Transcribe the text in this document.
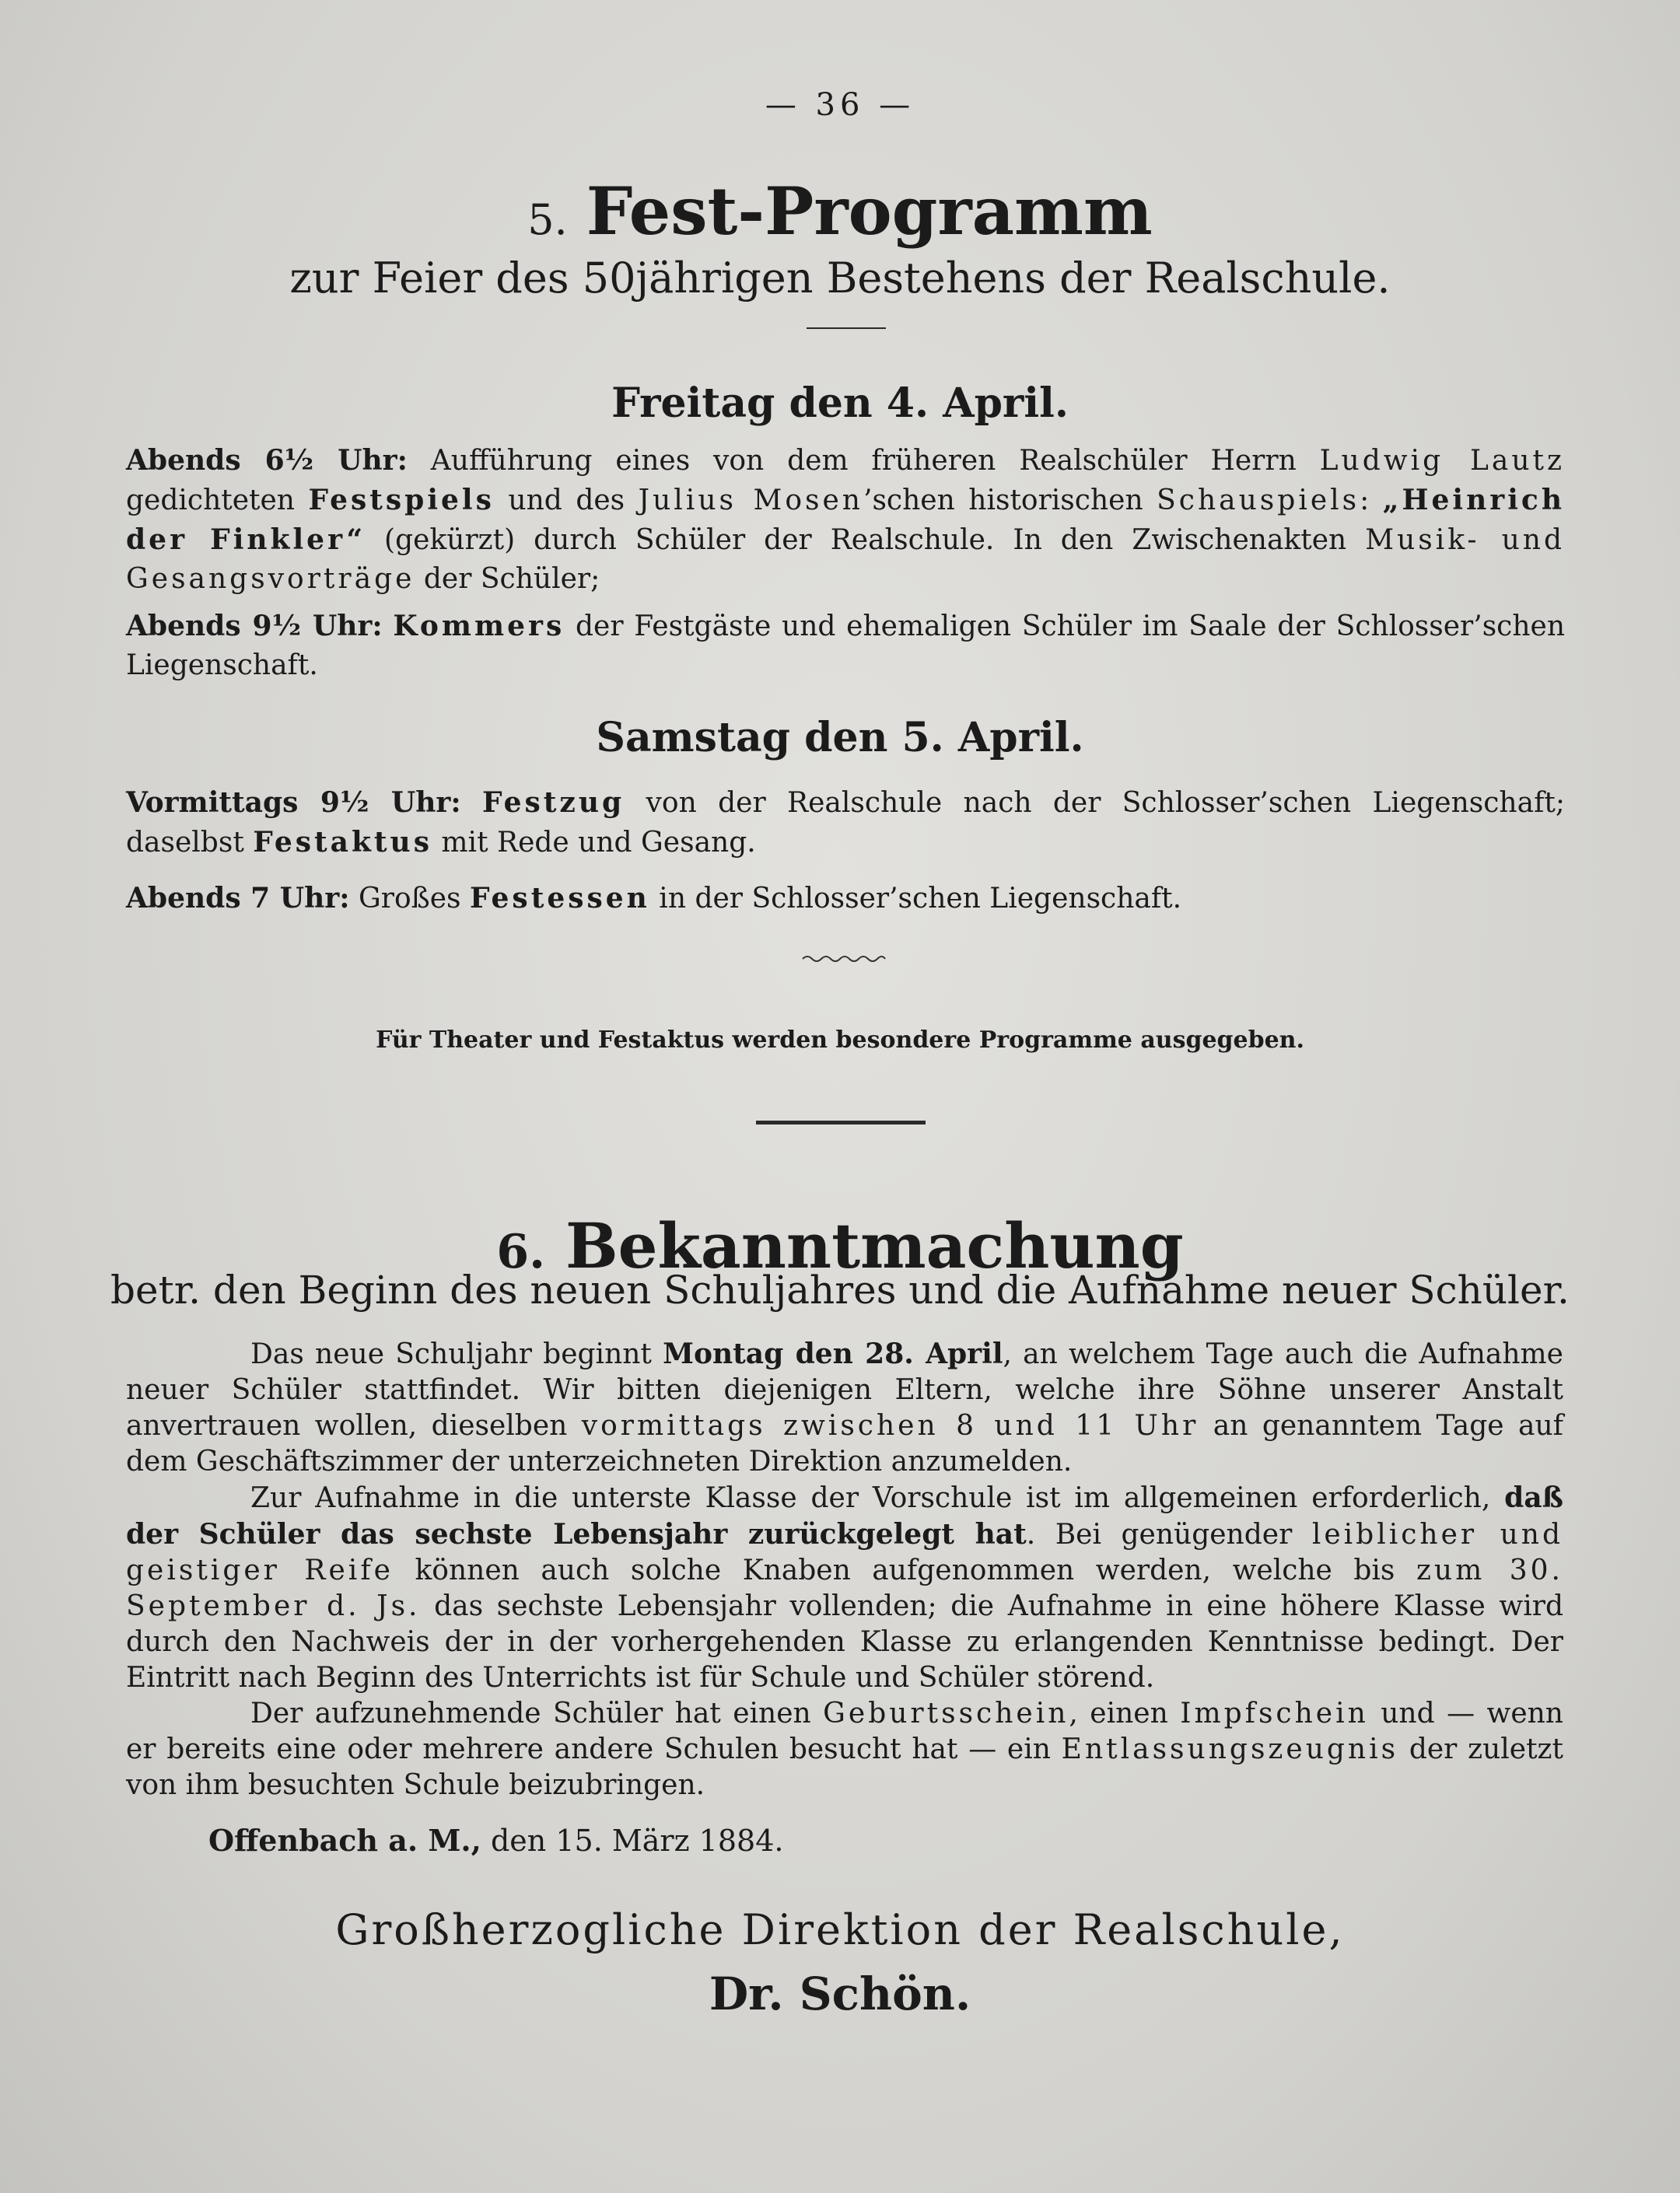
— 36 —
5. Fest-Programm
zur Feier des 50jährigen Bestehens der Realschule.
Freitag den 4. April.
Abends 6½ Uhr: Aufführung eines von dem früheren Realschüler Herrn Ludwig Lautz gedichteten Festspiels und des Julius Mosen’schen historischen Schauspiels: „Heinrich der Finkler“ (gekürzt) durch Schüler der Realschule. In den Zwischenakten Musik- und Gesangsvorträge der Schüler;
Abends 9½ Uhr: Kommers der Festgäste und ehemaligen Schüler im Saale der Schlosser’schen Liegenschaft.
Samstag den 5. April.
Vormittags 9½ Uhr: Festzug von der Realschule nach der Schlosser’schen Liegenschaft; daselbst Festaktus mit Rede und Gesang.
Abends 7 Uhr: Großes Festessen in der Schlosser’schen Liegenschaft.
Für Theater und Festaktus werden besondere Programme ausgegeben.
6. Bekanntmachung
betr. den Beginn des neuen Schuljahres und die Aufnahme neuer Schüler.

Das neue Schuljahr beginnt Montag den 28. April, an welchem Tage auch die Aufnahme neuer Schüler stattfindet. Wir bitten diejenigen Eltern, welche ihre Söhne unserer Anstalt anvertrauen wollen, dieselben vormittags zwischen 8 und 11 Uhr an genanntem Tage auf dem Geschäftszimmer der unterzeichneten Direktion anzumelden.

Zur Aufnahme in die unterste Klasse der Vorschule ist im allgemeinen erforderlich, daß der Schüler das sechste Lebensjahr zurückgelegt hat. Bei genügender leiblicher und geistiger Reife können auch solche Knaben aufgenommen werden, welche bis zum 30. September d. Js. das sechste Lebensjahr vollenden; die Aufnahme in eine höhere Klasse wird durch den Nachweis der in der vorhergehenden Klasse zu erlangenden Kenntnisse bedingt. Der Eintritt nach Beginn des Unterrichts ist für Schule und Schüler störend.

Der aufzunehmende Schüler hat einen Geburtsschein, einen Impfschein und — wenn er bereits eine oder mehrere andere Schulen besucht hat — ein Entlassungszeugnis der zuletzt von ihm besuchten Schule beizubringen.

Offenbach a. M., den 15. März 1884.
Großherzogliche Direktion der Realschule,
Dr. Schön.
